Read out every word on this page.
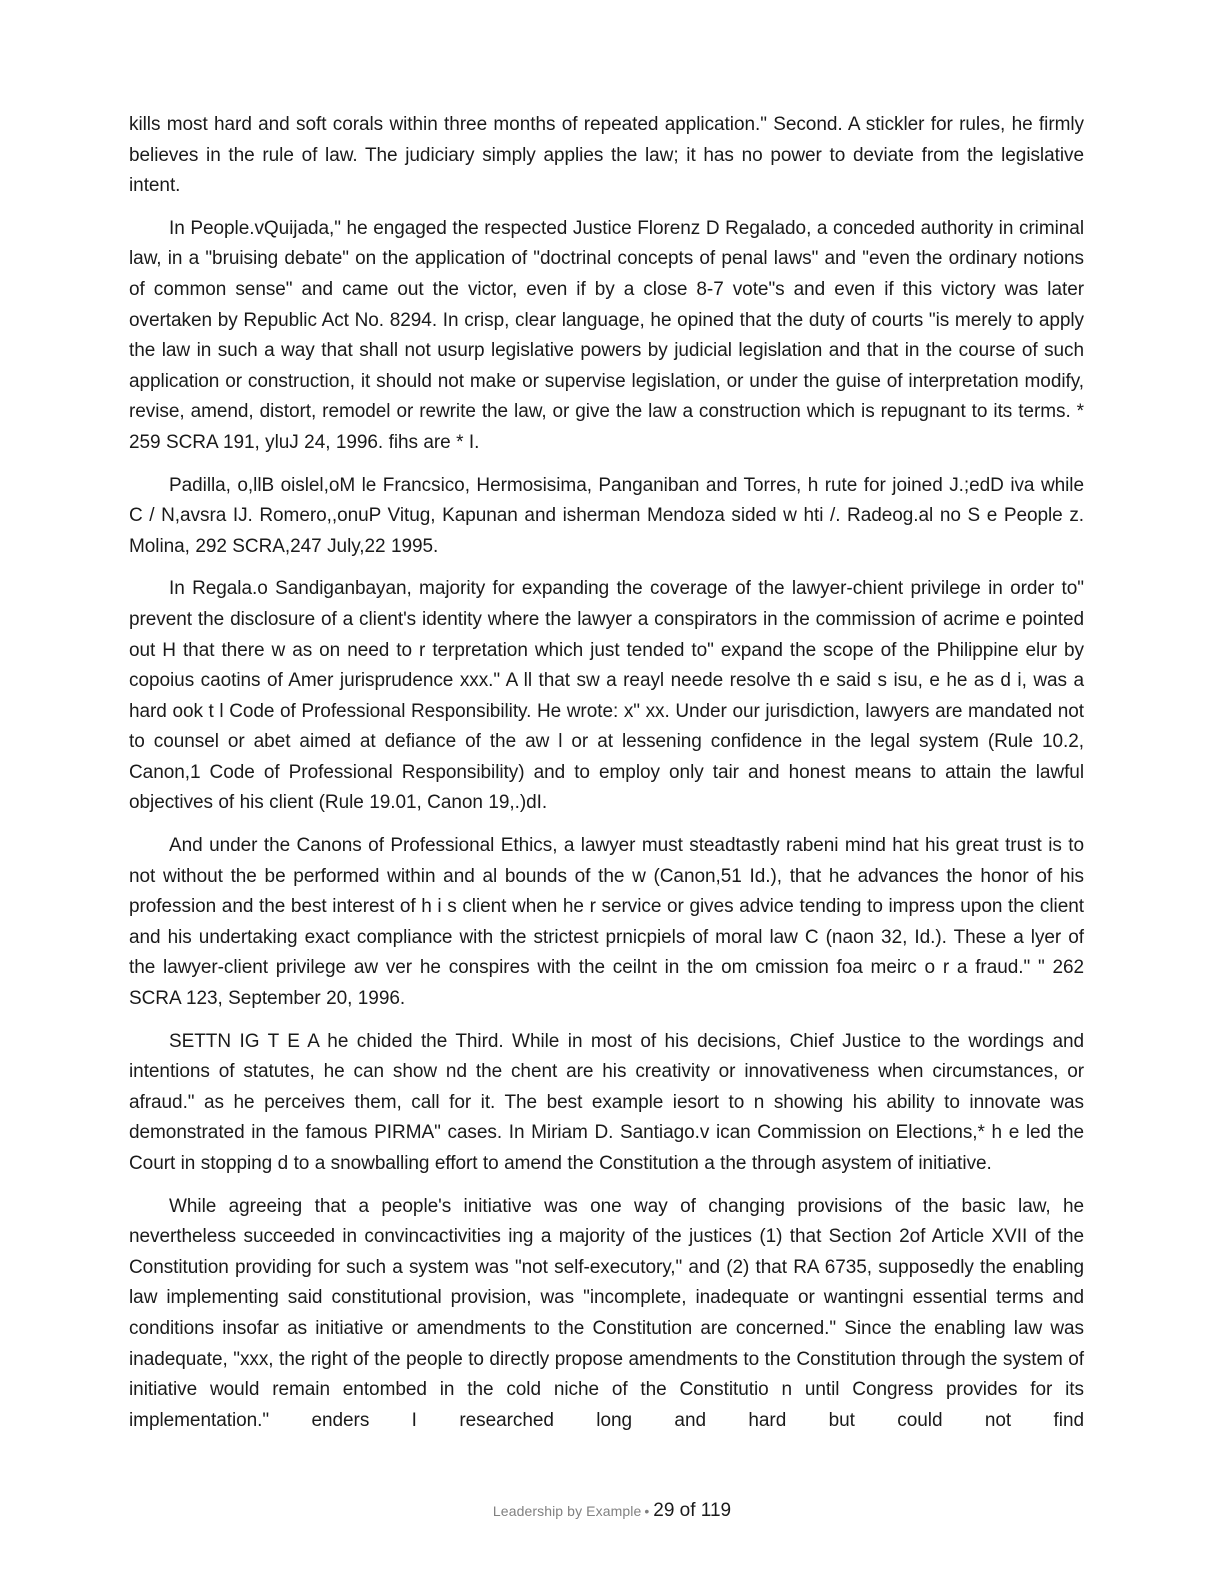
kills most hard and soft corals within three months of repeated application." Second. A stickler for rules, he firmly believes in the rule of law. The judiciary simply applies the law; it has no power to deviate from the legislative intent.

In People.vQuijada," he engaged the respected Justice Florenz D Regalado, a conceded authority in criminal law, in a "bruising debate" on the application of "doctrinal concepts of penal laws" and "even the ordinary notions of common sense" and came out the victor, even if by a close 8-7 vote"s and even if this victory was later overtaken by Republic Act No. 8294. In crisp, clear language, he opined that the duty of courts "is merely to apply the law in such a way that shall not usurp legislative powers by judicial legislation and that in the course of such application or construction, it should not make or supervise legislation, or under the guise of interpretation modify, revise, amend, distort, remodel or rewrite the law, or give the law a construction which is repugnant to its terms. * 259 SCRA 191, yluJ 24, 1996. fihs are * I.

Padilla, o,llB oislel,oM le Francsico, Hermosisima, Panganiban and Torres, h rute for joined J.;edD iva while C / N,avsra IJ. Romero,,onuP Vitug, Kapunan and isherman Mendoza sided w hti /. Radeog.al no S e People z. Molina, 292 SCRA,247 July,22 1995.

In Regala.o Sandiganbayan, majority for expanding the coverage of the lawyer-chient privilege in order to" prevent the disclosure of a client's identity where the lawyer a conspirators in the commission of acrime e pointed out H that there w as on need to r terpretation which just tended to" expand the scope of the Philippine elur by copoius caotins of Amer jurisprudence xxx." A ll that sw a reayl neede resolve th e said s isu, e he as d i, was a hard ook t l Code of Professional Responsibility. He wrote: x" xx. Under our jurisdiction, lawyers are mandated not to counsel or abet aimed at defiance of the aw l or at lessening confidence in the legal system (Rule 10.2, Canon,1 Code of Professional Responsibility) and to employ only tair and honest means to attain the lawful objectives of his client (Rule 19.01, Canon 19,.)dI.

And under the Canons of Professional Ethics, a lawyer must steadtastly rabeni mind hat his great trust is to not without the be performed within and al bounds of the w (Canon,51 Id.), that he advances the honor of his profession and the best interest of h i s client when he r service or gives advice tending to impress upon the client and his undertaking exact compliance with the strictest prnicpiels of moral law C (naon 32, Id.). These a lyer of the lawyer-client privilege aw ver he conspires with the ceilnt in the om cmission foa meirc o r a fraud." " 262 SCRA 123, September 20, 1996.

SETTN IG T E A he chided the Third. While in most of his decisions, Chief Justice to the wordings and intentions of statutes, he can show nd the chent are his creativity or innovativeness when circumstances, or afraud." as he perceives them, call for it. The best example iesort to n showing his ability to innovate was demonstrated in the famous PIRMA" cases. In Miriam D. Santiago.v ican Commission on Elections,* h e led the Court in stopping d to a snowballing effort to amend the Constitution a the through asystem of initiative.

While agreeing that a people's initiative was one way of changing provisions of the basic law, he nevertheless succeeded in convincactivities ing a majority of the justices (1) that Section 2of Article XVII of the Constitution providing for such a system was "not self-executory," and (2) that RA 6735, supposedly the enabling law implementing said constitutional provision, was "incomplete, inadequate or wantingni essential terms and conditions insofar as initiative or amendments to the Constitution are concerned." Since the enabling law was inadequate, "xxx, the right of the people to directly propose amendments to the Constitution through the system of initiative would remain entombed in the cold niche of the Constitutio n until Congress provides for its implementation." enders I researched long and hard but could not find

Leadership by Example • 29 of 119
